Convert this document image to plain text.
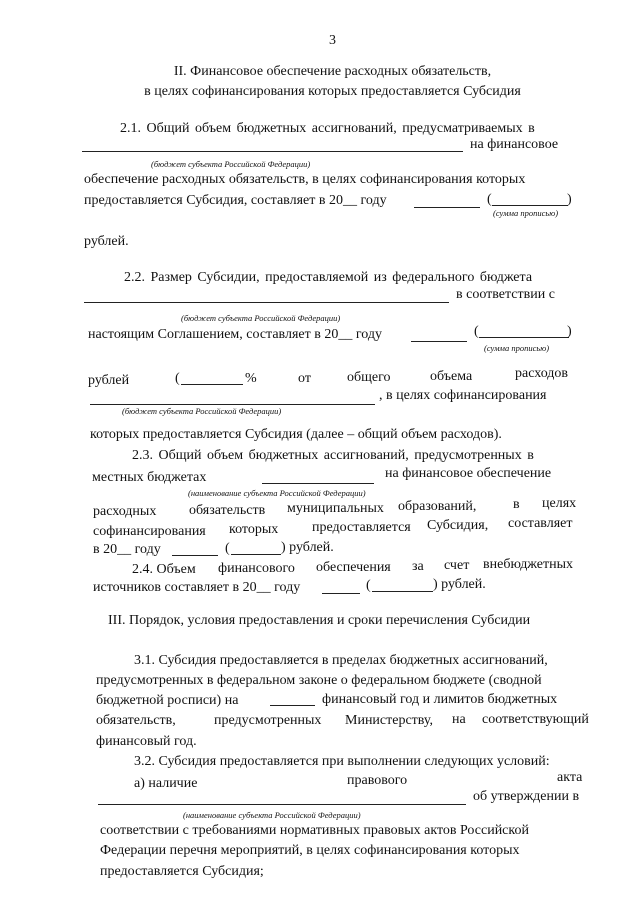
3
II. Финансовое обеспечение расходных обязательств,
в целях софинансирования которых предоставляется Субсидия
2.1. Общий объем бюджетных ассигнований, предусматриваемых в
на финансовое
(бюджет субъекта Российской Федерации)
обеспечение расходных обязательств, в целях софинансирования которых
предоставляется Субсидия, составляет в 20__ году	(	)
(сумма прописью)
рублей.
2.2. Размер Субсидии, предоставляемой из федерального бюджета
в соответствии с
(бюджет субъекта Российской Федерации)
настоящим Соглашением, составляет в 20__ году	(	)
(сумма прописью)
рублей	(	%	от	общего	объема	расходов
, в целях софинансирования
(бюджет субъекта Российской Федерации)
которых предоставляется Субсидия (далее – общий объем расходов).
2.3. Общий объем бюджетных ассигнований, предусмотренных в
местных бюджетах	на финансовое обеспечение
(наименование субъекта Российской Федерации)
расходных обязательств муниципальных образований,	в целях
софинансирования которых предоставляется Субсидия, составляет
в 20__ году	(	) рублей.
2.4. Объем финансового обеспечения за счет внебюджетных
источников составляет в 20__ году	(	) рублей.
III. Порядок, условия предоставления и сроки перечисления Субсидии
3.1. Субсидия предоставляется в пределах бюджетных ассигнований,
предусмотренных в федеральном законе о федеральном бюджете (сводной
бюджетной росписи) на	финансовый год и лимитов бюджетных
обязательств,	предусмотренных Министерству, на соответствующий
финансовый год.
3.2. Субсидия предоставляется при выполнении следующих условий:
а) наличие	правового	акта
об утверждении в
(наименование субъекта Российской Федерации)
соответствии с требованиями нормативных правовых актов Российской
Федерации перечня мероприятий, в целях софинансирования которых
предоставляется Субсидия;
